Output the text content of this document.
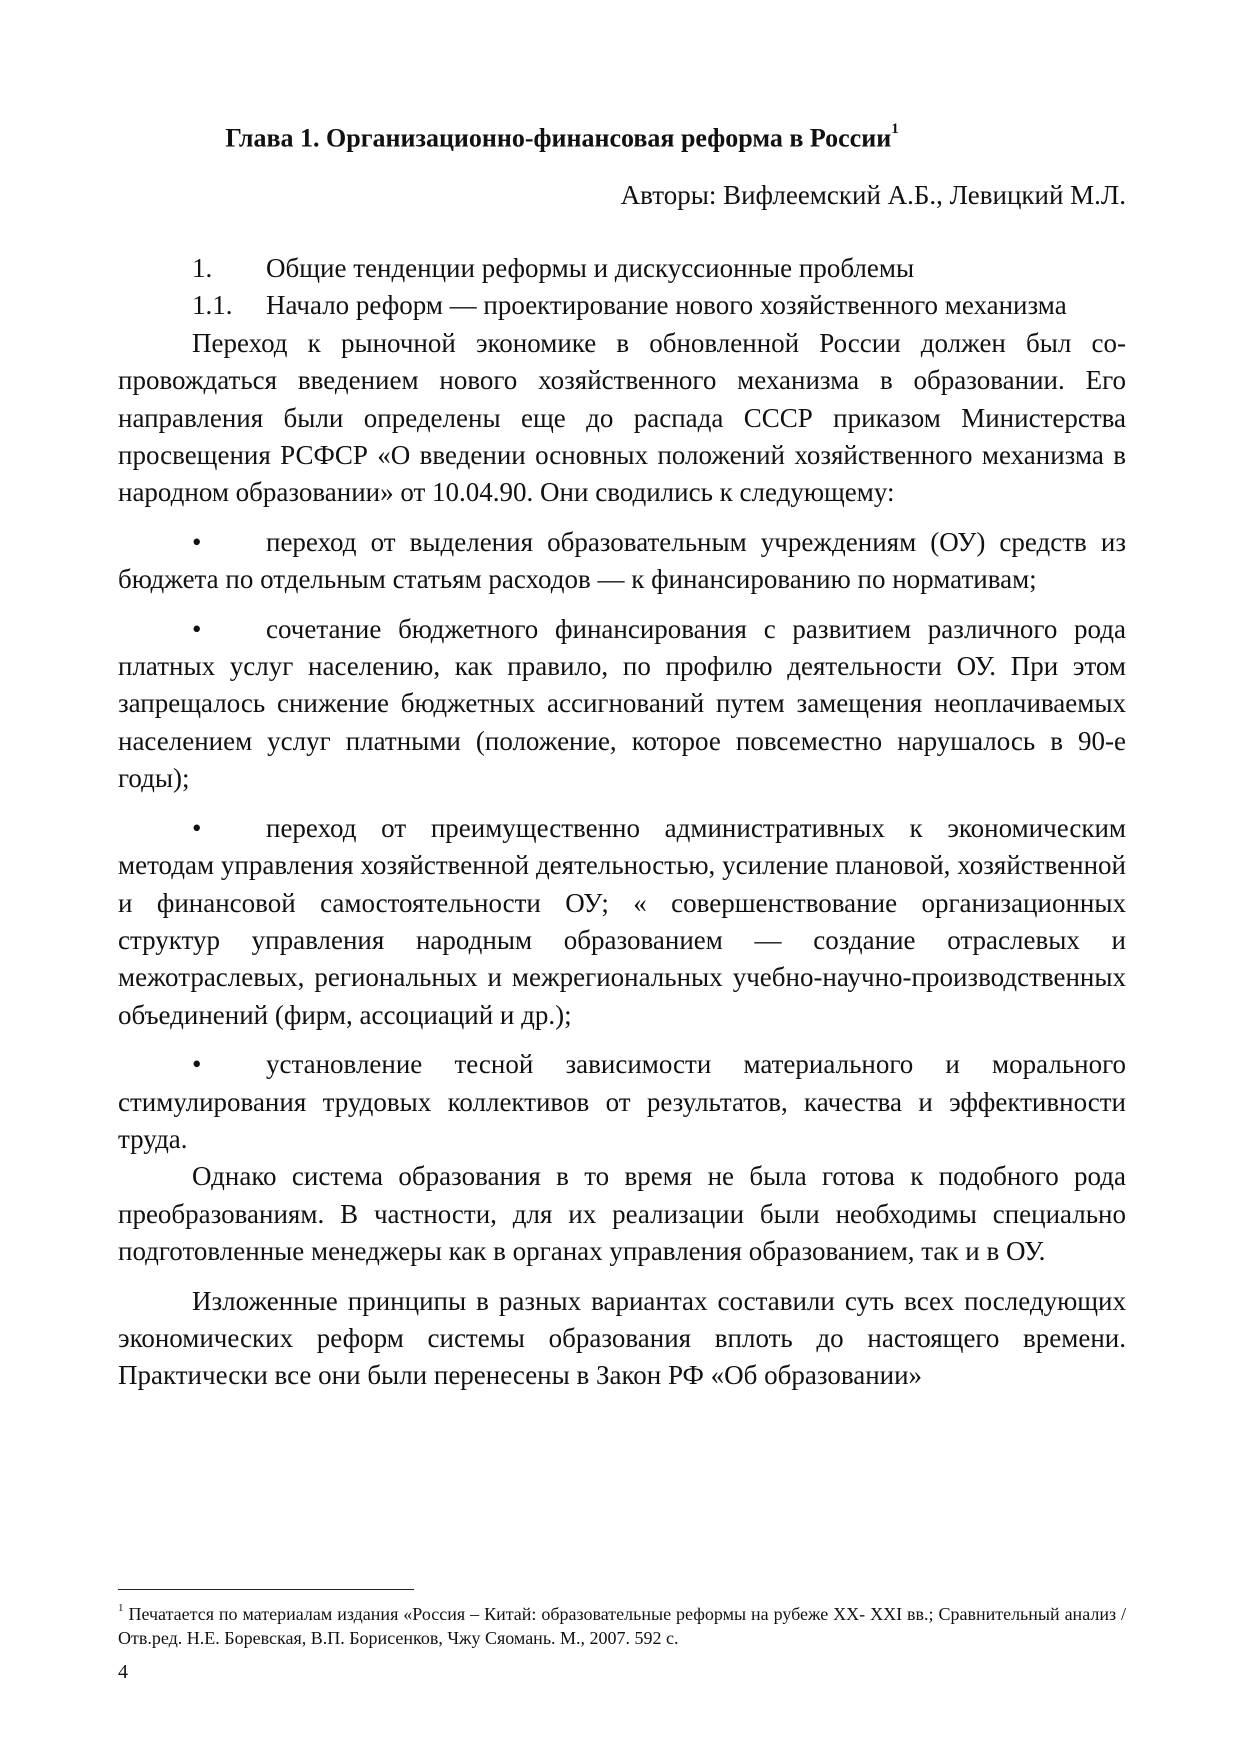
Глава 1. Организационно-финансовая реформа в России$^1$
Авторы: Вифлеемский А.Б., Левицкий М.Л.

1. Общие тенденции реформы и дискуссионные проблемы

1.1. Начало реформ — проектирование нового хозяйственного механизма

Переход к рыночной экономике в обновленной России должен был сопровождаться введением нового хозяйственного механизма в образовании. Его направления были определены еще до распада СССР приказом Министерства просвещения РСФСР «О введении основных положений хозяйственного механизма в народном образовании» от 10.04.90. Они сводились к следующему:

• переход от выделения образовательным учреждениям (ОУ) средств из бюджета по отдельным статьям расходов — к финансированию по нормативам;

• сочетание бюджетного финансирования с развитием различного рода платных услуг населению, как правило, по профилю деятельности ОУ. При этом запрещалось снижение бюджетных ассигнований путем замещения неоплачиваемых населением услуг платными (положение, которое повсеместно нарушалось в 90-е годы);

• переход от преимущественно административных к экономическим методам управления хозяйственной деятельностью, усиление плановой, хозяйственной и финансовой самостоятельности ОУ; « совершенствование организационных структур управления народным образованием — создание отраслевых и межотраслевых, региональных и межрегиональных учебно-научно-производственных объединений (фирм, ассоциаций и др.);

• установление тесной зависимости материального и морального стимулирования трудовых коллективов от результатов, качества и эффективности труда.

Однако система образования в то время не была готова к подобного рода преобразованиям. В частности, для их реализации были необходимы специально подготовленные менеджеры как в органах управления образованием, так и в ОУ.

Изложенные принципы в разных вариантах составили суть всех последующих экономических реформ системы образования вплоть до настоящего времени. Практически все они были перенесены в Закон РФ «Об образовании»

$^1$ Печатается по материалам издания «Россия – Китай: образовательные реформы на рубеже XX- XXI вв.; Сравнительный анализ / Отв.ред. Н.Е. Боревская, В.П. Борисенков, Чжу Сяомань. М., 2007. 592 с.
4
